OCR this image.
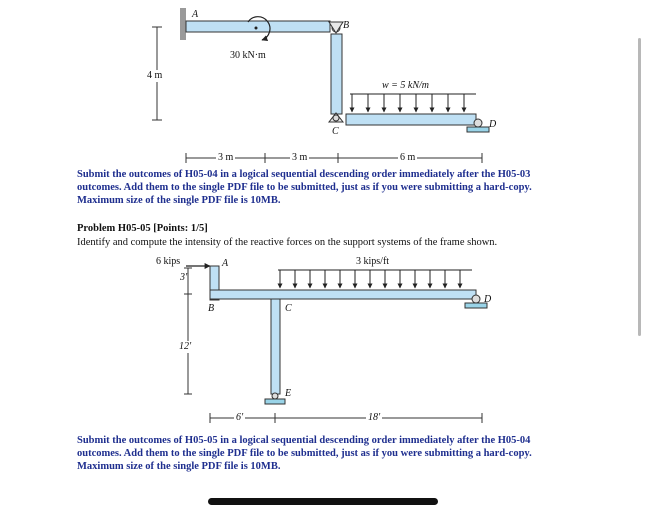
A
B
30 kN·m
4 m
w = 5 kN/m
C
D
3 m	3 m	6 m
Submit the outcomes of H05-04 in a logical sequential descending order immediately after the H05-03 outcomes. Add them to the single PDF file to be submitted, just as if you were submitting a hard-copy. Maximum size of the single PDF file is 10MB.
Problem H05-05 [Points: 1/5]
Identify and compute the intensity of the reactive forces on the support systems of the frame shown.
6 kips	A	3 kips/ft
3′
B	C
D
12′
E
6′	18′
Submit the outcomes of H05-05 in a logical sequential descending order immediately after the H05-04 outcomes. Add them to the single PDF file to be submitted, just as if you were submitting a hard-copy. Maximum size of the single PDF file is 10MB.
